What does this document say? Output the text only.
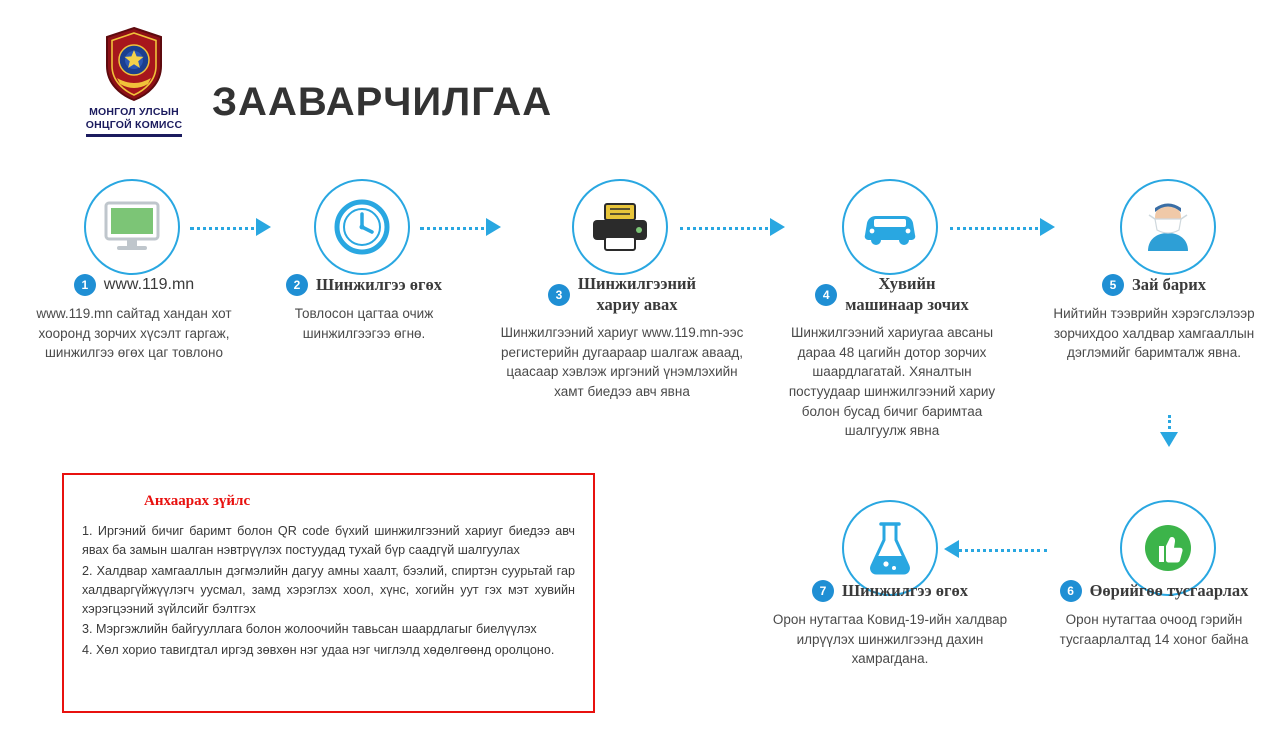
МОНГОЛ УЛСЫН
ОНЦГОЙ КОМИСС
ЗААВАРЧИЛГАА
1 www.119.mn
www.119.mn сайтад хандан хот хооронд зорчих хүсэлт гаргаж, шинжилгээ өгөх цаг товлоно
2 Шинжилгээ өгөх
Товлосон цагтаа очиж шинжилгээгээ өгнө.
3
Шинжилгээний
хариу авах
Шинжилгээний хариуг www.119.mn-ээс регистерийн дугаараар шалгаж аваад, цаасаар хэвлэж иргэний үнэмлэхийн хамт биедээ авч явна
4
Хувийн
машинаар зочих
Шинжилгээний хариугаа авсаны дараа 48 цагийн дотор зорчих шаардлагатай. Хяналтын постуудаар шинжилгээний хариу болон бусад бичиг баримтаа шалгуулж явна
5 Зай барих
Нийтийн тээврийн хэрэгслэлээр зорчихдоо халдвар хамгааллын дэглэмийг баримталж явна.
6 Өөрийгөө тусгаарлах
Орон нутагтаа очоод гэрийн тусгаарлалтад 14 хоног байна
7 Шинжилгээ өгөх
Орон нутагтаа Ковид-19-ийн халдвар илрүүлэх шинжилгээнд дахин хамрагдана.
Анхаарах зүйлс
1. Иргэний бичиг баримт болон QR code бүхий шинжилгээний хариуг биедээ авч явах ба замын шалган нэвтрүүлэх постуудад тухай бүр саадгүй шалгуулах
2. Халдвар хамгааллын дэгмэлийн дагуу амны хаалт, бээлий, спиртэн суурьтай гар халдваргүйжүүлэгч уусмал, замд хэрэглэх хоол, хүнс, хогийн уут гэх мэт хувийн хэрэгцээний зүйлсийг бэлтгэх
3. Мэргэжлийн байгууллага болон жолоочийн тавьсан шаардлагыг биелүүлэх
4. Хөл хорио тавигдтал иргэд зөвхөн нэг удаа нэг чиглэлд хөдөлгөөнд оролцоно.
